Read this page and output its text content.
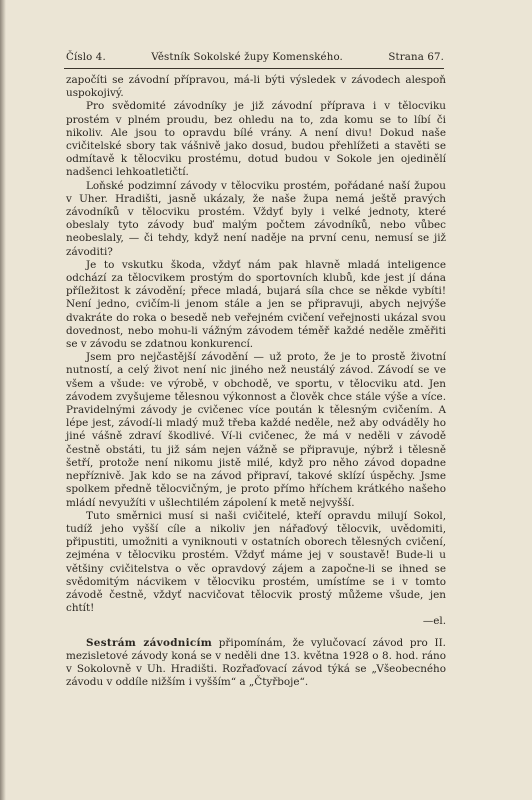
Číslo 4.	Věstník Sokolské župy Komenského.	Strana 67.

započíti se závodní přípravou, má-li býti výsledek v závodech alespoň uspokojivý.

Pro svědomité závodníky je již závodní příprava i v tělocviku prostém v plném proudu, bez ohledu na to, zda komu se to líbí či nikoliv. Ale jsou to opravdu bílé vrány. A není divu! Dokud naše cvičitelské sbory tak vášnivě jako dosud, budou přehlížeti a stavěti se odmítavě k tělocviku prostému, dotud budou v Sokole jen ojedinělí nadšenci lehkoatletičtí.

Loňské podzimní závody v tělocviku prostém, pořádané naší župou v Uher. Hradišti, jasně ukázaly, že naše župa nemá ještě pravých závodníků v tělocviku prostém. Vždyť byly i velké jednoty, které obeslaly tyto závody buď malým počtem závodníků, nebo vůbec neobeslaly, — či tehdy, když není naděje na první cenu, nemusí se již závoditi?

Je to vskutku škoda, vždyť nám pak hlavně mladá inteligence odchází za tělocvikem prostým do sportovních klubů, kde jest jí dána příležitost k závodění; přece mladá, bujará síla chce se někde vybíti! Není jedno, cvičím-li jenom stále a jen se připravuji, abych nejvýše dvakráte do roka o besedě neb veřejném cvičení veřejnosti ukázal svou dovednost, nebo mohu-li vážným závodem téměř každé neděle změřiti se v závodu se zdatnou konkurencí.

Jsem pro nejčastější závodění — už proto, že je to prostě životní nutností, a celý život není nic jiného než neustálý závod. Závodí se ve všem a všude: ve výrobě, v obchodě, ve sportu, v tělocviku atd. Jen závodem zvyšujeme tělesnou výkonnost a člověk chce stále výše a více. Pravidelnými závody je cvičenec více poután k tělesným cvičením. A lépe jest, závodí-li mladý muž třeba každé neděle, než aby odváděly ho jiné vášně zdraví škodlivé. Ví-li cvičenec, že má v neděli v závodě čestně obstáti, tu již sám nejen vážně se připravuje, nýbrž i tělesně šetří, protože není nikomu jistě milé, když pro něho závod dopadne nepříznivě. Jak kdo se na závod připraví, takové sklízí úspěchy. Jsme spolkem předně tělocvičným, je proto přímo hříchem krátkého našeho mládí nevyužíti v ušlechtilém zápolení k metě nejvyšší.

Tuto směrnici musí si naši cvičitelé, kteří opravdu milují Sokol, tudíž jeho vyšší cíle a nikoliv jen nářaďový tělocvik, uvědomiti, připustiti, umožniti a vyniknouti v ostatních oborech tělesných cvičení, zejména v tělocviku prostém. Vždyť máme jej v soustavě! Bude-li u většiny cvičitelstva o věc opravdový zájem a započne-li se ihned se svědomitým nácvikem v tělocviku prostém, umístíme se i v tomto závodě čestně, vždyť nacvičovat tělocvik prostý můžeme všude, jen chtít!

—el.

Sestrám závodnicím připomínám, že vylučovací závod pro II. mezisletové závody koná se v neděli dne 13. května 1928 o 8. hod. ráno v Sokolovně v Uh. Hradišti. Rozřaďovací závod týká se „Všeobecného závodu v oddíle nižším i vyšším“ a „Čtyřboje“.
